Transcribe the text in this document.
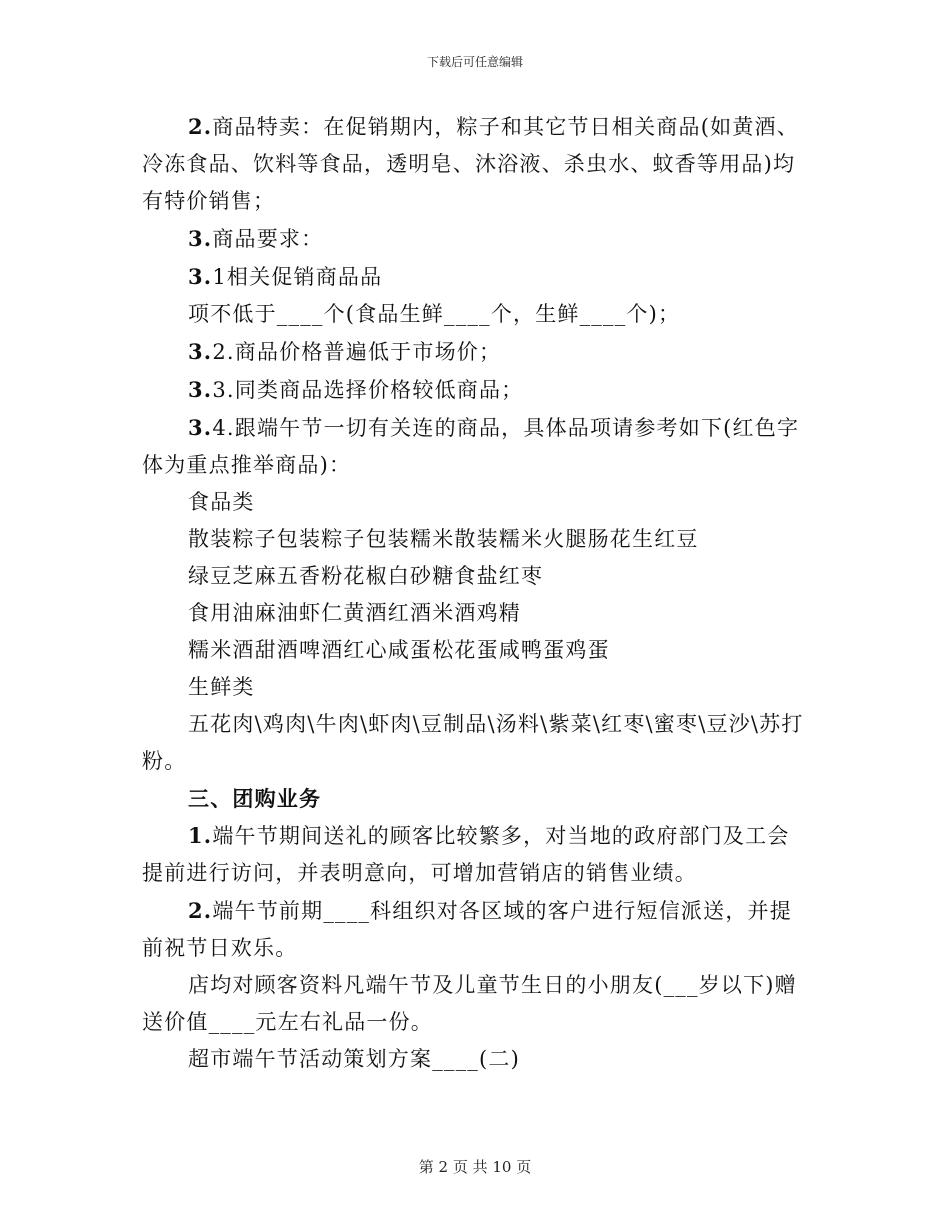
下载后可任意编辑

2.商品特卖：在促销期内，粽子和其它节日相关商品(如黄酒、冷冻食品、饮料等食品，透明皂、沐浴液、杀虫水、蚊香等用品)均有特价销售；

3.商品要求：

3.1相关促销商品品

项不低于____个(食品生鲜____个，生鲜____个)；

3.2.商品价格普遍低于市场价；

3.3.同类商品选择价格较低商品；

3.4.跟端午节一切有关连的商品，具体品项请参考如下(红色字体为重点推举商品)：

食品类

散装粽子包装粽子包装糯米散装糯米火腿肠花生红豆

绿豆芝麻五香粉花椒白砂糖食盐红枣

食用油麻油虾仁黄酒红酒米酒鸡精

糯米酒甜酒啤酒红心咸蛋松花蛋咸鸭蛋鸡蛋

生鲜类

五花肉\鸡肉\牛肉\虾肉\豆制品\汤料\紫菜\红枣\蜜枣\豆沙\苏打粉。

三、团购业务

1.端午节期间送礼的顾客比较繁多，对当地的政府部门及工会提前进行访问，并表明意向，可增加营销店的销售业绩。

2.端午节前期____科组织对各区域的客户进行短信派送，并提前祝节日欢乐。

店均对顾客资料凡端午节及儿童节生日的小朋友(___岁以下)赠送价值____元左右礼品一份。

超市端午节活动策划方案____(二)

第 2 页 共 10 页
